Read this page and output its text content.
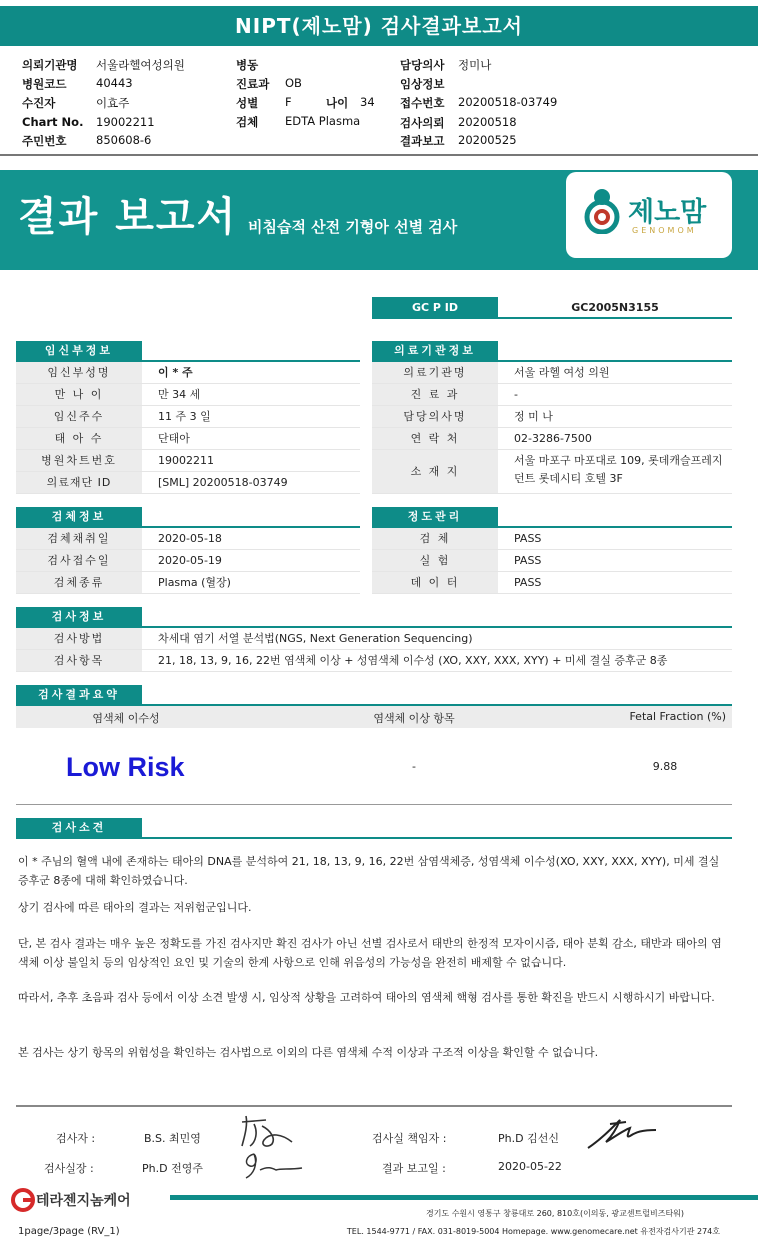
NIPT(제노맘) 검사결과보고서
의뢰기관명 서울라헬여성의원
병원코드	40443
수진자	이효주
Chart No. 19002211
주민번호	850608-6
병동
진료과 OB
성별 F	나이 34
검체 EDTA Plasma
담당의사 정미나
임상정보
접수번호 20200518-03749
검사의뢰 20200518
결과보고 20200525
결과 보고서 비침습적 산전 기형아 선별 검사	제노맘
GENOMOM
GC P ID	GC2005N3155
임신부정보
임신부성명	이 * 주
만 나 이	만 34 세
임신주수	11 주 3 일
태 아 수	단태아
병원차트번호	19002211
의료재단 ID	[SML] 20200518-03749
의료기관정보
의료기관명	서울 라헬 여성 의원
진 료 과	-
담당의사명	정 미 나
연 락 처	02-3286-7500
소 재 지
서울 마포구 마포대로 109, 롯데캐슬프레지
던트 롯데시티 호텔 3F
검체정보
검체채취일	2020-05-18
검사접수일	2020-05-19
검체종류	Plasma (혈장)
정도관리
검 체	PASS
실 험	PASS
데 이 터	PASS
검사정보
검사방법	차세대 염기 서열 분석법(NGS, Next Generation Sequencing)
검사항목	21, 18, 13, 9, 16, 22번 염색체 이상 + 성염색체 이수성 (XO, XXY, XXX, XYY) + 미세 결실 증후군 8종
검사결과요약
염색체 이수성	염색체 이상 항목	Fetal Fraction (%)
Low Risk	-	9.88
검사소견
이 * 주님의 혈액 내에 존재하는 태아의 DNA를 분석하여 21, 18, 13, 9, 16, 22번 삼염색체증, 성염색체 이수성(XO, XXY, XXX, XYY), 미세 결실 증후군 8종에 대해 확인하였습니다.
상기 검사에 따른 태아의 결과는 저위험군입니다.
단, 본 검사 결과는 매우 높은 정확도를 가진 검사지만 확진 검사가 아닌 선별 검사로서 태반의 한정적 모자이시즘, 태아 분획 감소, 태반과 태아의 염색체 이상 불일치 등의 임상적인 요인 및 기술의 한계 사항으로 인해 위음성의 가능성을 완전히 배제할 수 없습니다.
따라서, 추후 초음파 검사 등에서 이상 소견 발생 시, 임상적 상황을 고려하여 태아의 염색체 핵형 검사를 통한 확진을 반드시 시행하시기 바랍니다.
본 검사는 상기 항목의 위험성을 확인하는 검사법으로 이외의 다른 염색체 수적 이상과 구조적 이상을 확인할 수 없습니다.
검사자 :	B.S. 최민영
검사실장 :	Ph.D 전영주
검사실 책임자 :	Ph.D 김선신
결과 보고일 :	2020-05-22
테라젠지놈케어
경기도 수원시 영통구 창룡대로 260, 810호(이의동, 광교센트럴비즈타워)
TEL. 1544-9771 / FAX. 031-8019-5004 Homepage. www.genomecare.net 유전자검사기관 274호
1page/3page (RV_1)
